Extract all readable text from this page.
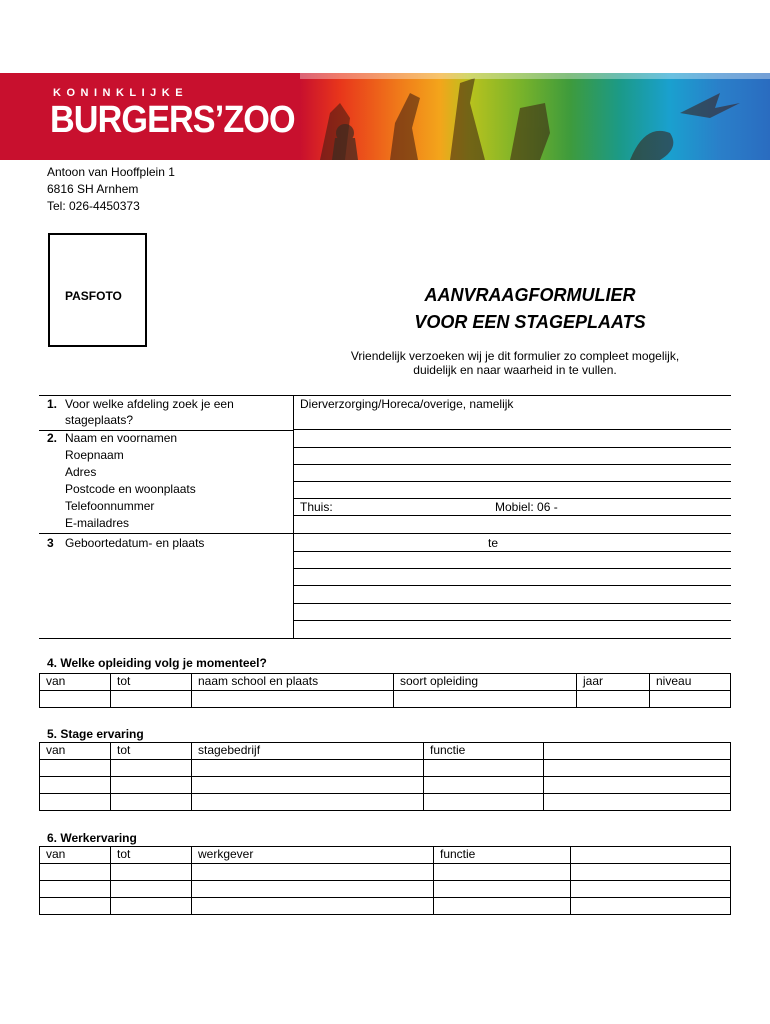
KONINKLIJKE
BURGERS’ZOO
Antoon van Hooffplein 1
6816 SH Arnhem
Tel: 026-4450373
PASFOTO	AANVRAAGFORMULIER
VOOR EEN STAGEPLAATS
Vriendelijk verzoeken wij je dit formulier zo compleet mogelijk,
duidelijk en naar waarheid in te vullen.
1. Voor welke afdeling zoek je een
stageplaats?
Dierverzorging/Horeca/overige, namelijk
2. Naam en voornamen
Roepnaam
Adres
Postcode en woonplaats
Telefoonnummer
E-mailadres
Thuis:	Mobiel: 06 -
3 Geboortedatum- en plaats	te
4. Welke opleiding volg je momenteel?
van	tot	naam school en plaats	soort opleiding	jaar	niveau

5. Stage ervaring
van	tot	stagebedrijf	functie	

6. Werkervaring
van	tot	werkgever	functie	
